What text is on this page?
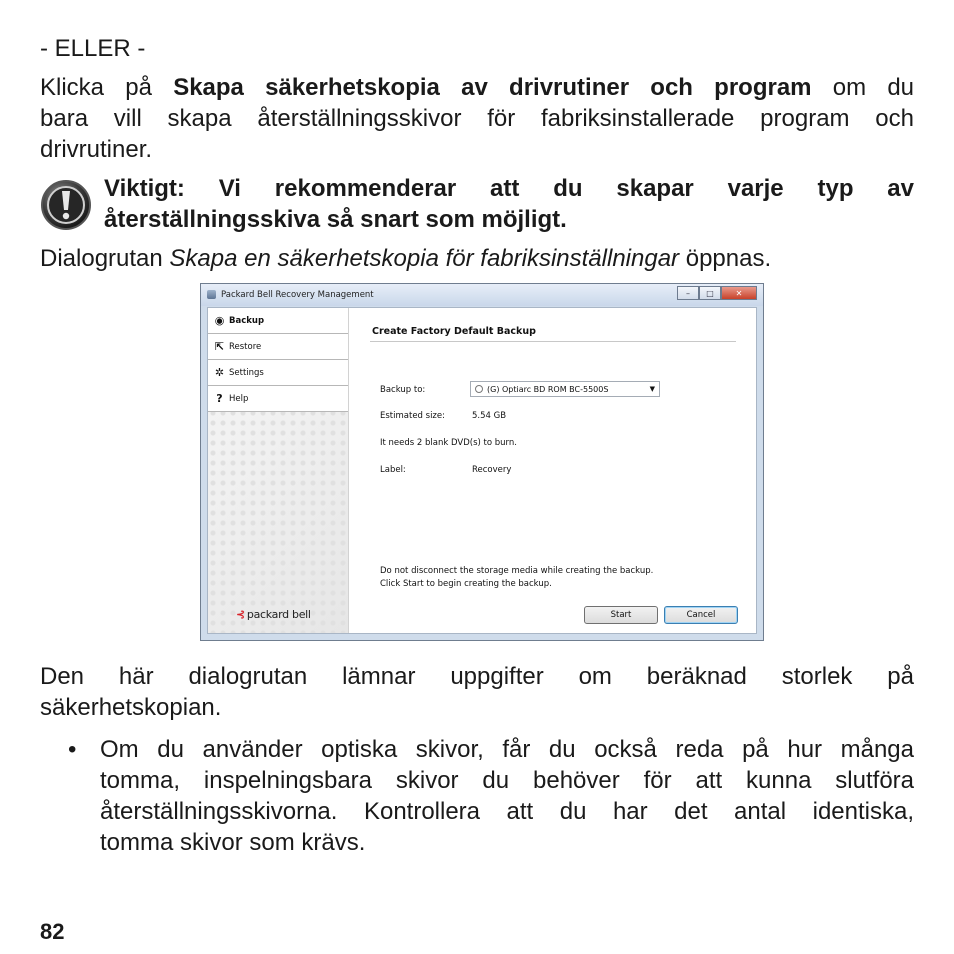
- ELLER -
Klicka på Skapa säkerhetskopia av drivrutiner och program om du
bara vill skapa återställningsskivor för fabriksinstallerade program och
drivrutiner.
Viktigt: Vi rekommenderar att du skapar varje typ av
återställningsskiva så snart som möjligt.
Dialogrutan Skapa en säkerhetskopia för fabriksinställningar öppnas.
Packard Bell Recovery Management	–	□	✕
◉ Backup
⇱ Restore
✲ Settings
? Help
⊰ packard bell
Create Factory Default Backup
Backup to:	(G) Optiarc BD ROM BC-5500S	▼
Estimated size:	5.54 GB
It needs 2 blank DVD(s) to burn.
Label:	Recovery
Do not disconnect the storage media while creating the backup.
Click Start to begin creating the backup.
Start	Cancel
Den här dialogrutan lämnar uppgifter om beräknad storlek på
säkerhetskopian.
• Om du använder optiska skivor, får du också reda på hur många
tomma, inspelningsbara skivor du behöver för att kunna slutföra
återställningsskivorna. Kontrollera att du har det antal identiska,
tomma skivor som krävs.
82
